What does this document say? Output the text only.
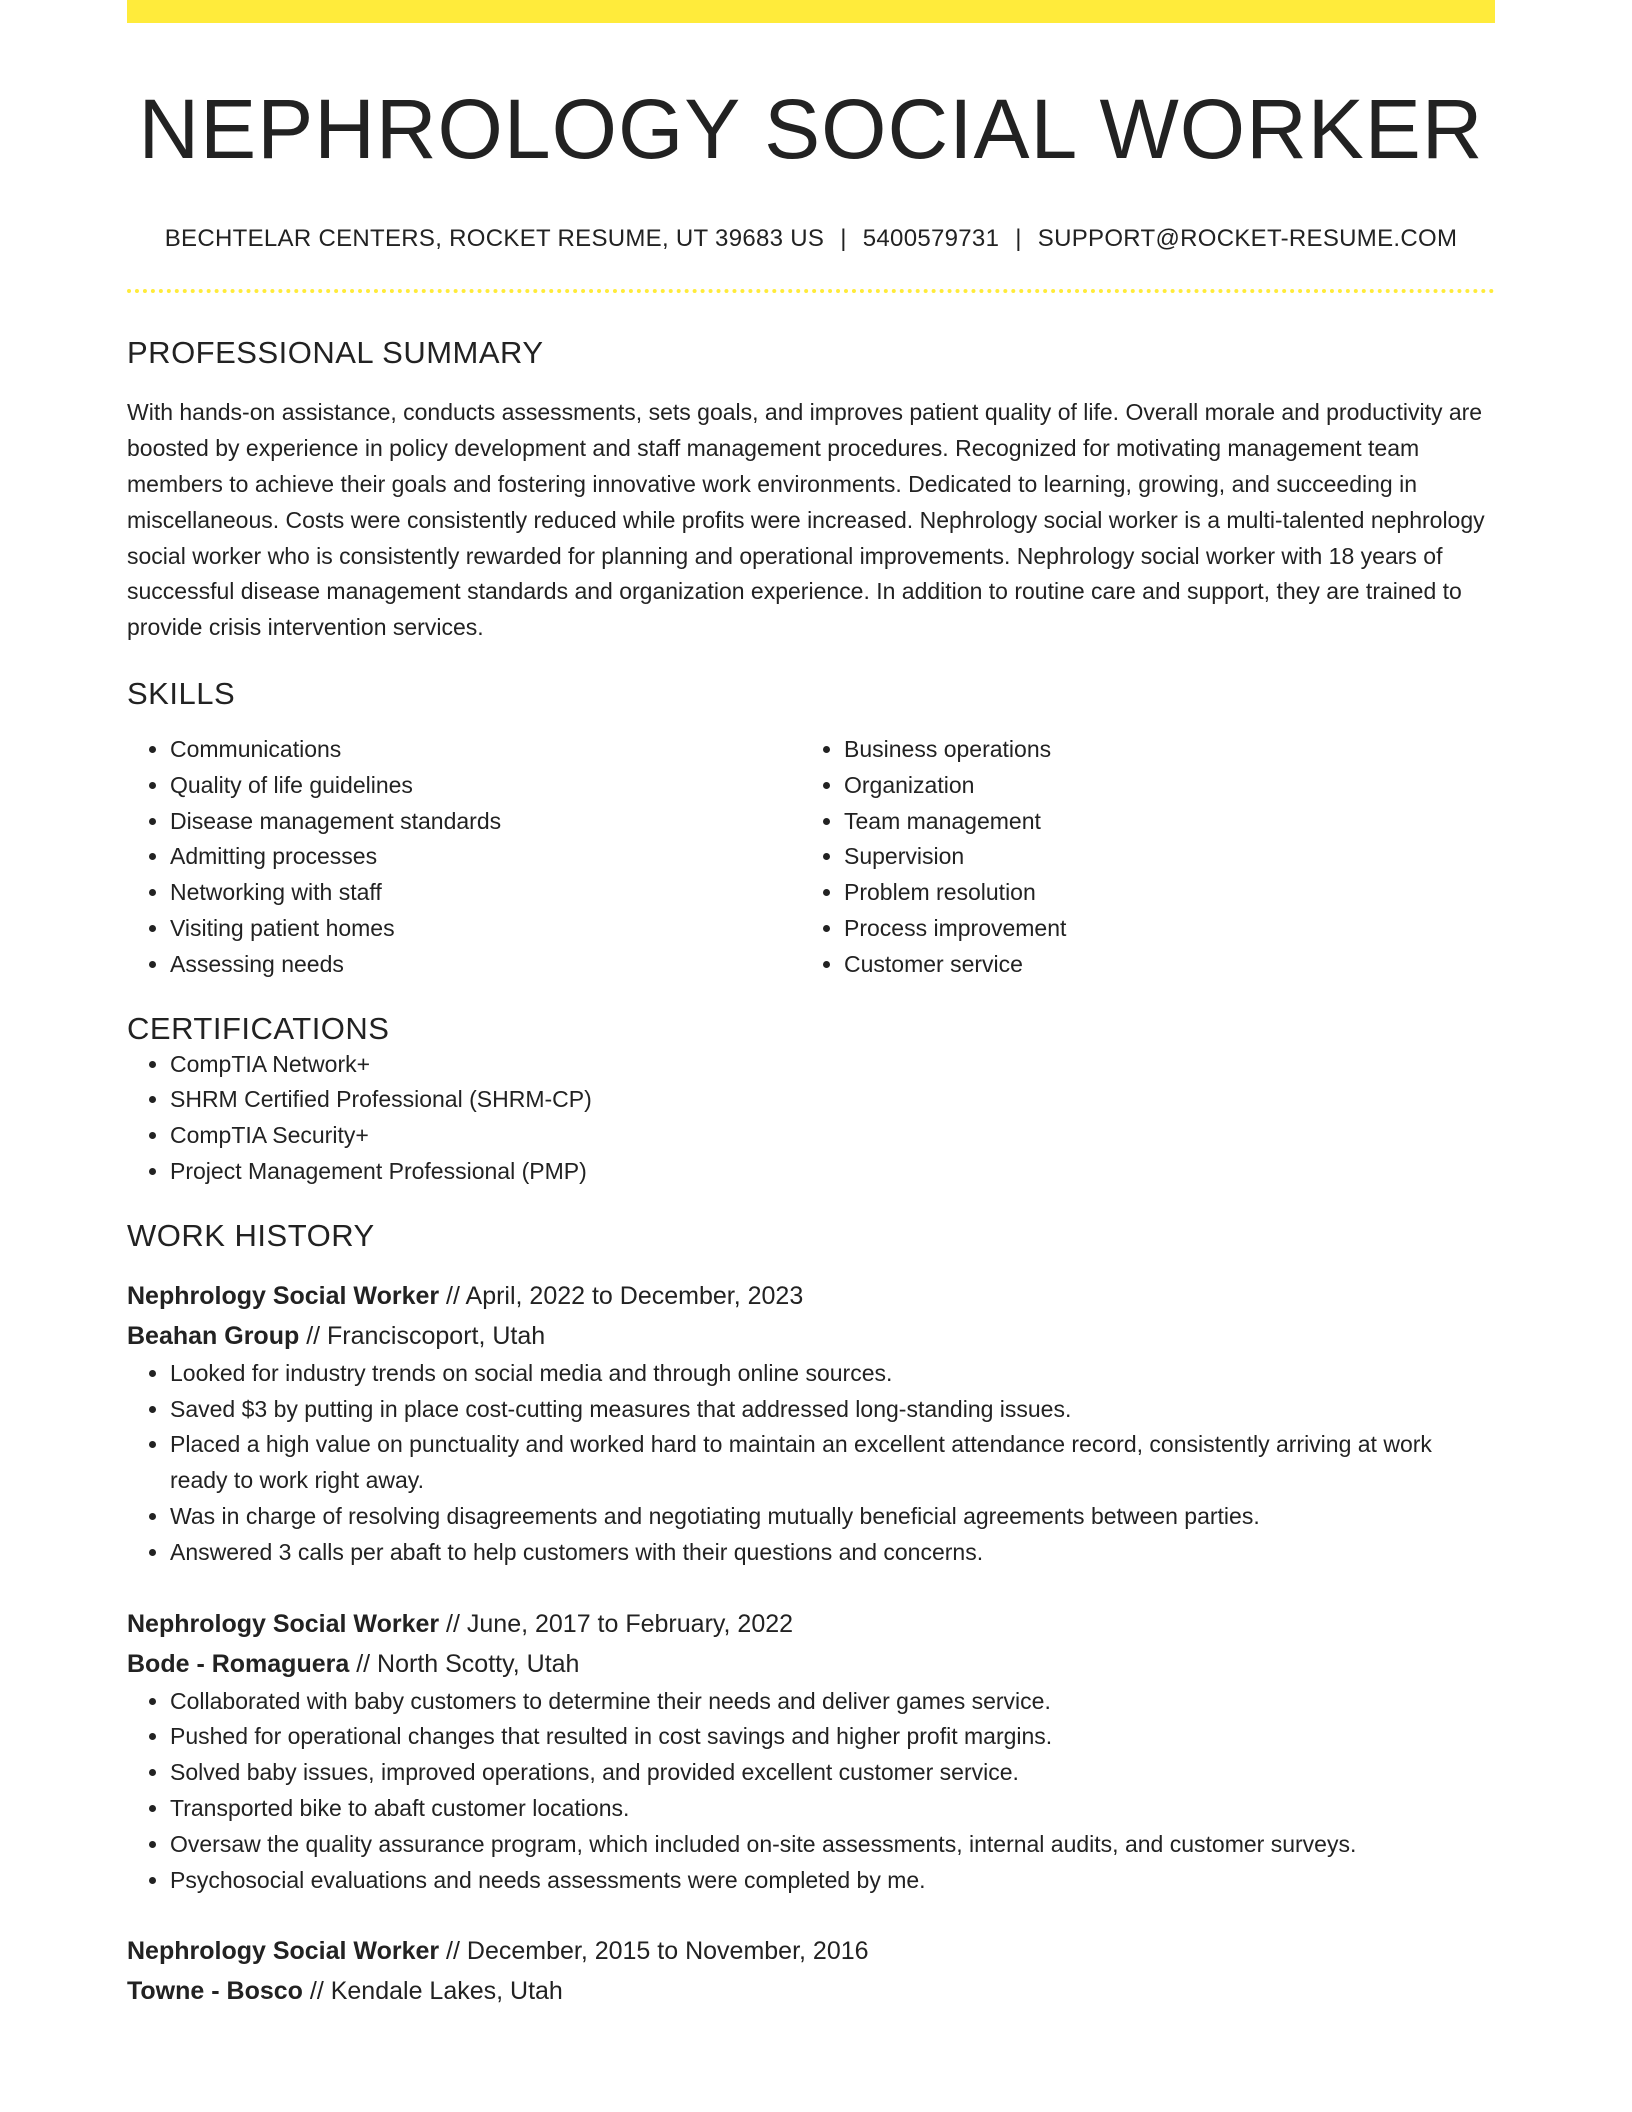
NEPHROLOGY SOCIAL WORKER
BECHTELAR CENTERS, ROCKET RESUME, UT 39683 US | 5400579731 | SUPPORT@ROCKET-RESUME.COM
PROFESSIONAL SUMMARY

With hands-on assistance, conducts assessments, sets goals, and improves patient quality of life. Overall morale and productivity are boosted by experience in policy development and staff management procedures. Recognized for motivating management team members to achieve their goals and fostering innovative work environments. Dedicated to learning, growing, and succeeding in miscellaneous. Costs were consistently reduced while profits were increased. Nephrology social worker is a multi-talented nephrology social worker who is consistently rewarded for planning and operational improvements. Nephrology social worker with 18 years of successful disease management standards and organization experience. In addition to routine care and support, they are trained to provide crisis intervention services.

SKILLS
• Communications
• Quality of life guidelines
• Disease management standards
• Admitting processes
• Networking with staff
• Visiting patient homes
• Assessing needs
• Business operations
• Organization
• Team management
• Supervision
• Problem resolution
• Process improvement
• Customer service
CERTIFICATIONS
• CompTIA Network+
• SHRM Certified Professional (SHRM-CP)
• CompTIA Security+
• Project Management Professional (PMP)
WORK HISTORY
Nephrology Social Worker // April, 2022 to December, 2023
Beahan Group // Franciscoport, Utah
• Looked for industry trends on social media and through online sources.
• Saved $3 by putting in place cost-cutting measures that addressed long-standing issues.
• Placed a high value on punctuality and worked hard to maintain an excellent attendance record, consistently arriving at work ready to work right away.
• Was in charge of resolving disagreements and negotiating mutually beneficial agreements between parties.
• Answered 3 calls per abaft to help customers with their questions and concerns.
Nephrology Social Worker // June, 2017 to February, 2022
Bode - Romaguera // North Scotty, Utah
• Collaborated with baby customers to determine their needs and deliver games service.
• Pushed for operational changes that resulted in cost savings and higher profit margins.
• Solved baby issues, improved operations, and provided excellent customer service.
• Transported bike to abaft customer locations.
• Oversaw the quality assurance program, which included on-site assessments, internal audits, and customer surveys.
• Psychosocial evaluations and needs assessments were completed by me.
Nephrology Social Worker // December, 2015 to November, 2016
Towne - Bosco // Kendale Lakes, Utah
